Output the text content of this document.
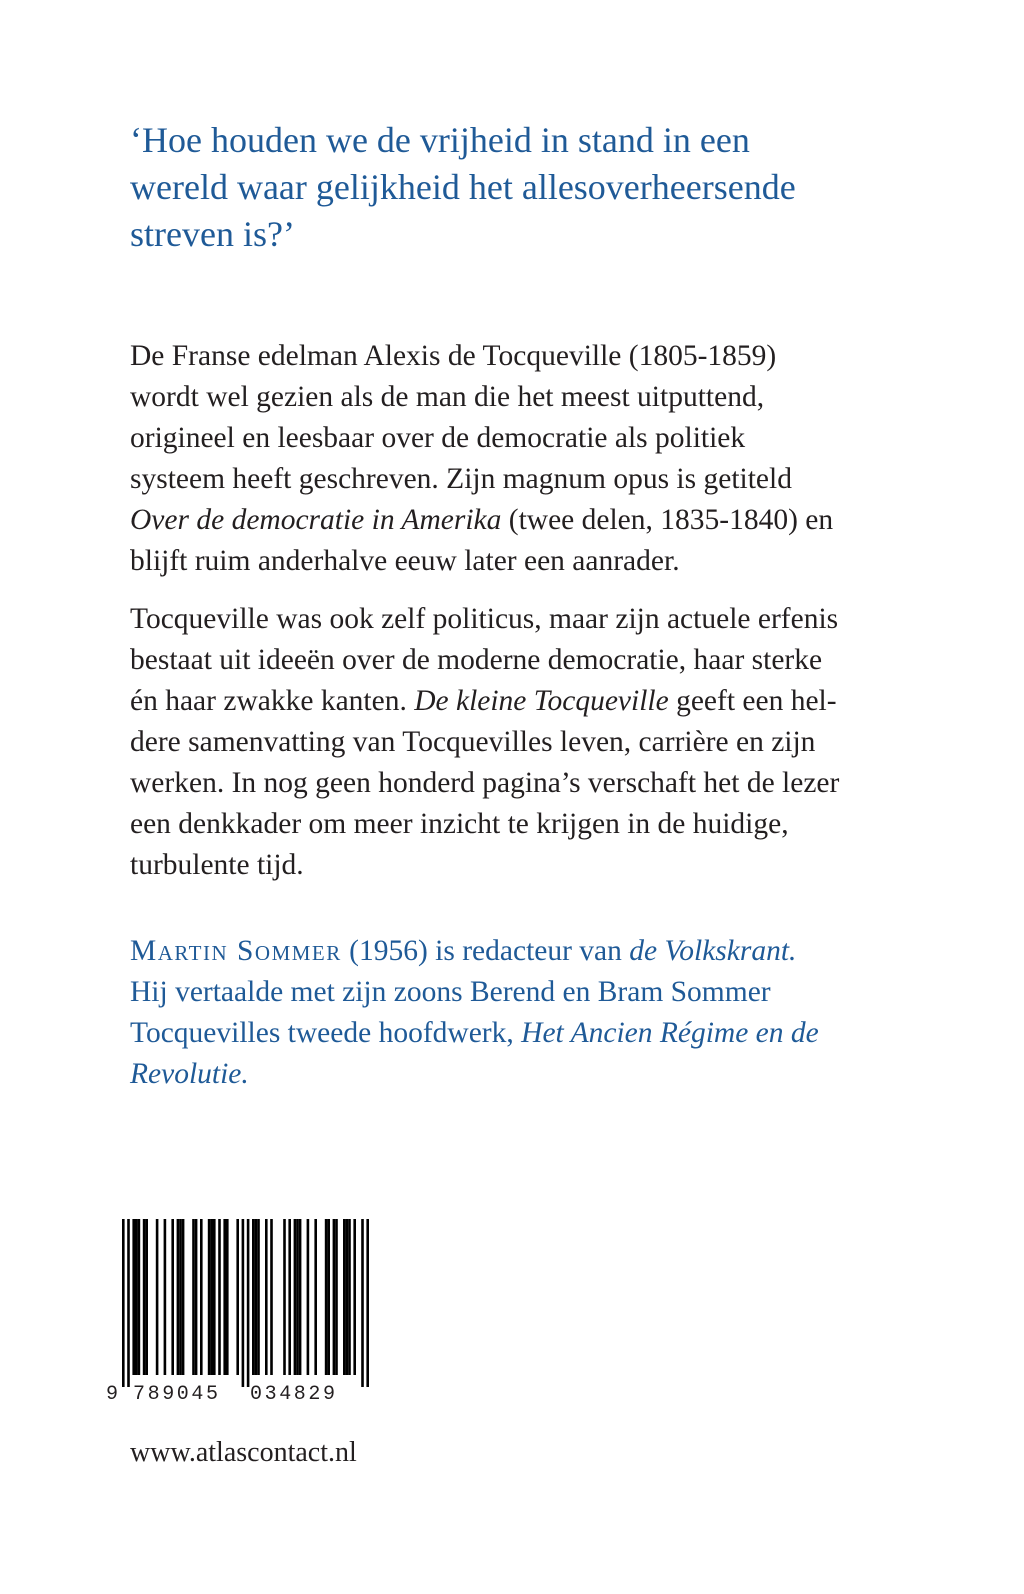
‘Hoe houden we de vrijheid in stand in een
wereld waar gelijkheid het allesoverheersende
streven is?’

De Franse edelman Alexis de Tocqueville (1805-1859)
wordt wel gezien als de man die het meest uitputtend,
origineel en leesbaar over de democratie als politiek
systeem heeft geschreven. Zijn magnum opus is getiteld
Over de democratie in Amerika (twee delen, 1835-1840) en
blijft ruim anderhalve eeuw later een aanrader.

Tocqueville was ook zelf politicus, maar zijn actuele erfenis
bestaat uit ideeën over de moderne democratie, haar sterke
én haar zwakke kanten. De kleine Tocqueville geeft een hel-
dere samenvatting van Tocquevilles leven, carrière en zijn
werken. In nog geen honderd pagina’s verschaft het de lezer
een denkkader om meer inzicht te krijgen in de huidige,
turbulente tijd.

Martin Sommer (1956) is redacteur van de Volkskrant.
Hij vertaalde met zijn zoons Berend en Bram Sommer
Tocquevilles tweede hoofdwerk, Het Ancien Régime en de
Revolutie.

9 789045 034829
www.atlascontact.nl
